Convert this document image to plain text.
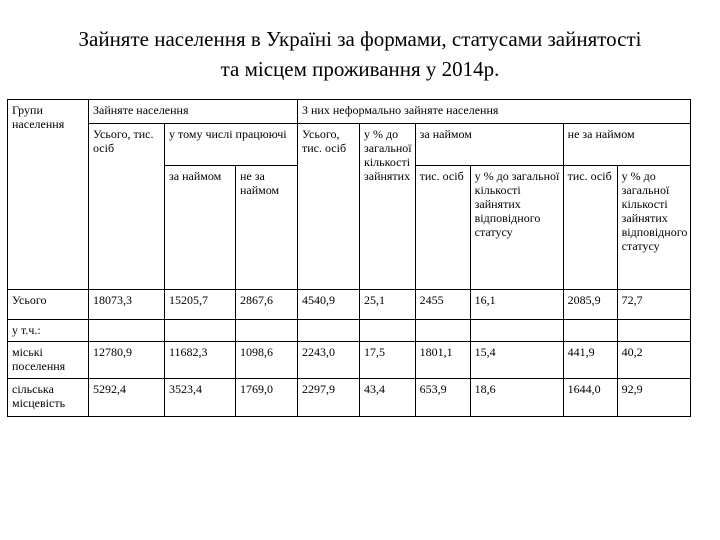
Зайняте населення в Україні за формами, статусами зайнятості
та місцем проживання у 2014р.
Групи населення	Зайняте населення			З них неформально зайняте населення					
	Усього, тис. осіб	у тому числі працюючі		Усього, тис. осіб	у % до загальної кількості зайнятих	за наймом		не за наймом	
		за наймом	не за наймом			тис. осіб	у % до загальної кількості зайнятих відповідного статусу	тис. осіб	у % до загальної кількості зайнятих відповідного статусу

Усього	18073,3	15205,7	2867,6	4540,9	25,1	2455	16,1	2085,9	72,7
у т.ч.:									
міські поселення	12780,9	11682,3	1098,6	2243,0	17,5	1801,1	15,4	441,9	40,2
сільська місцевість	5292,4	3523,4	1769,0	2297,9	43,4	653,9	18,6	1644,0	92,9
